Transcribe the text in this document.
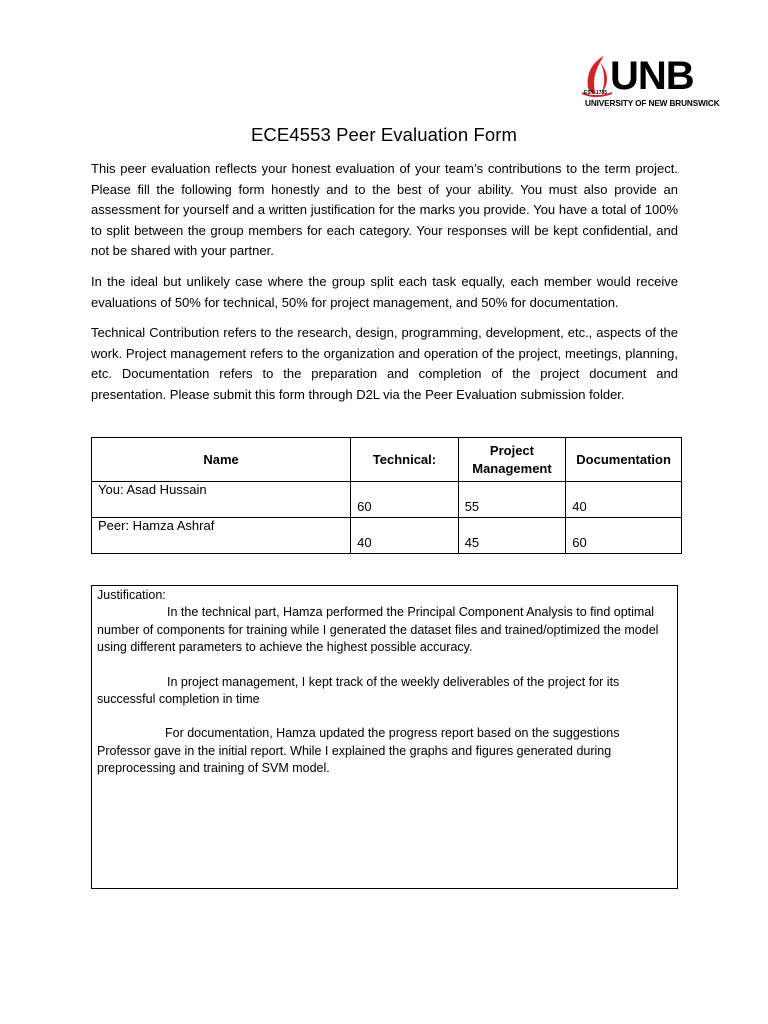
UNB
EST. 1785
UNIVERSITY OF NEW BRUNSWICK
ECE4553 Peer Evaluation Form
This peer evaluation reflects your honest evaluation of your team’s contributions to the term project. Please fill the following form honestly and to the best of your ability. You must also provide an assessment for yourself and a written justification for the marks you provide. You have a total of 100% to split between the group members for each category. Your responses will be kept confidential, and not be shared with your partner.
In the ideal but unlikely case where the group split each task equally, each member would receive evaluations of 50% for technical, 50% for project management, and 50% for documentation.
Technical Contribution refers to the research, design, programming, development, etc., aspects of the work. Project management refers to the organization and operation of the project, meetings, planning, etc. Documentation refers to the preparation and completion of the project document and presentation. Please submit this form through D2L via the Peer Evaluation submission folder.
Name	Technical:	Project Management	Documentation
You: Asad Hussain	60	55	40

Peer: Hamza Ashraf	40	45	60

Justification:

In the technical part, Hamza performed the Principal Component Analysis to find optimal number of components for training while I generated the dataset files and trained/optimized the model using different parameters to achieve the highest possible accuracy.

In project management, I kept track of the weekly deliverables of the project for its successful completion in time

For documentation, Hamza updated the progress report based on the suggestions Professor gave in the initial report. While I explained the graphs and figures generated during preprocessing and training of SVM model.
